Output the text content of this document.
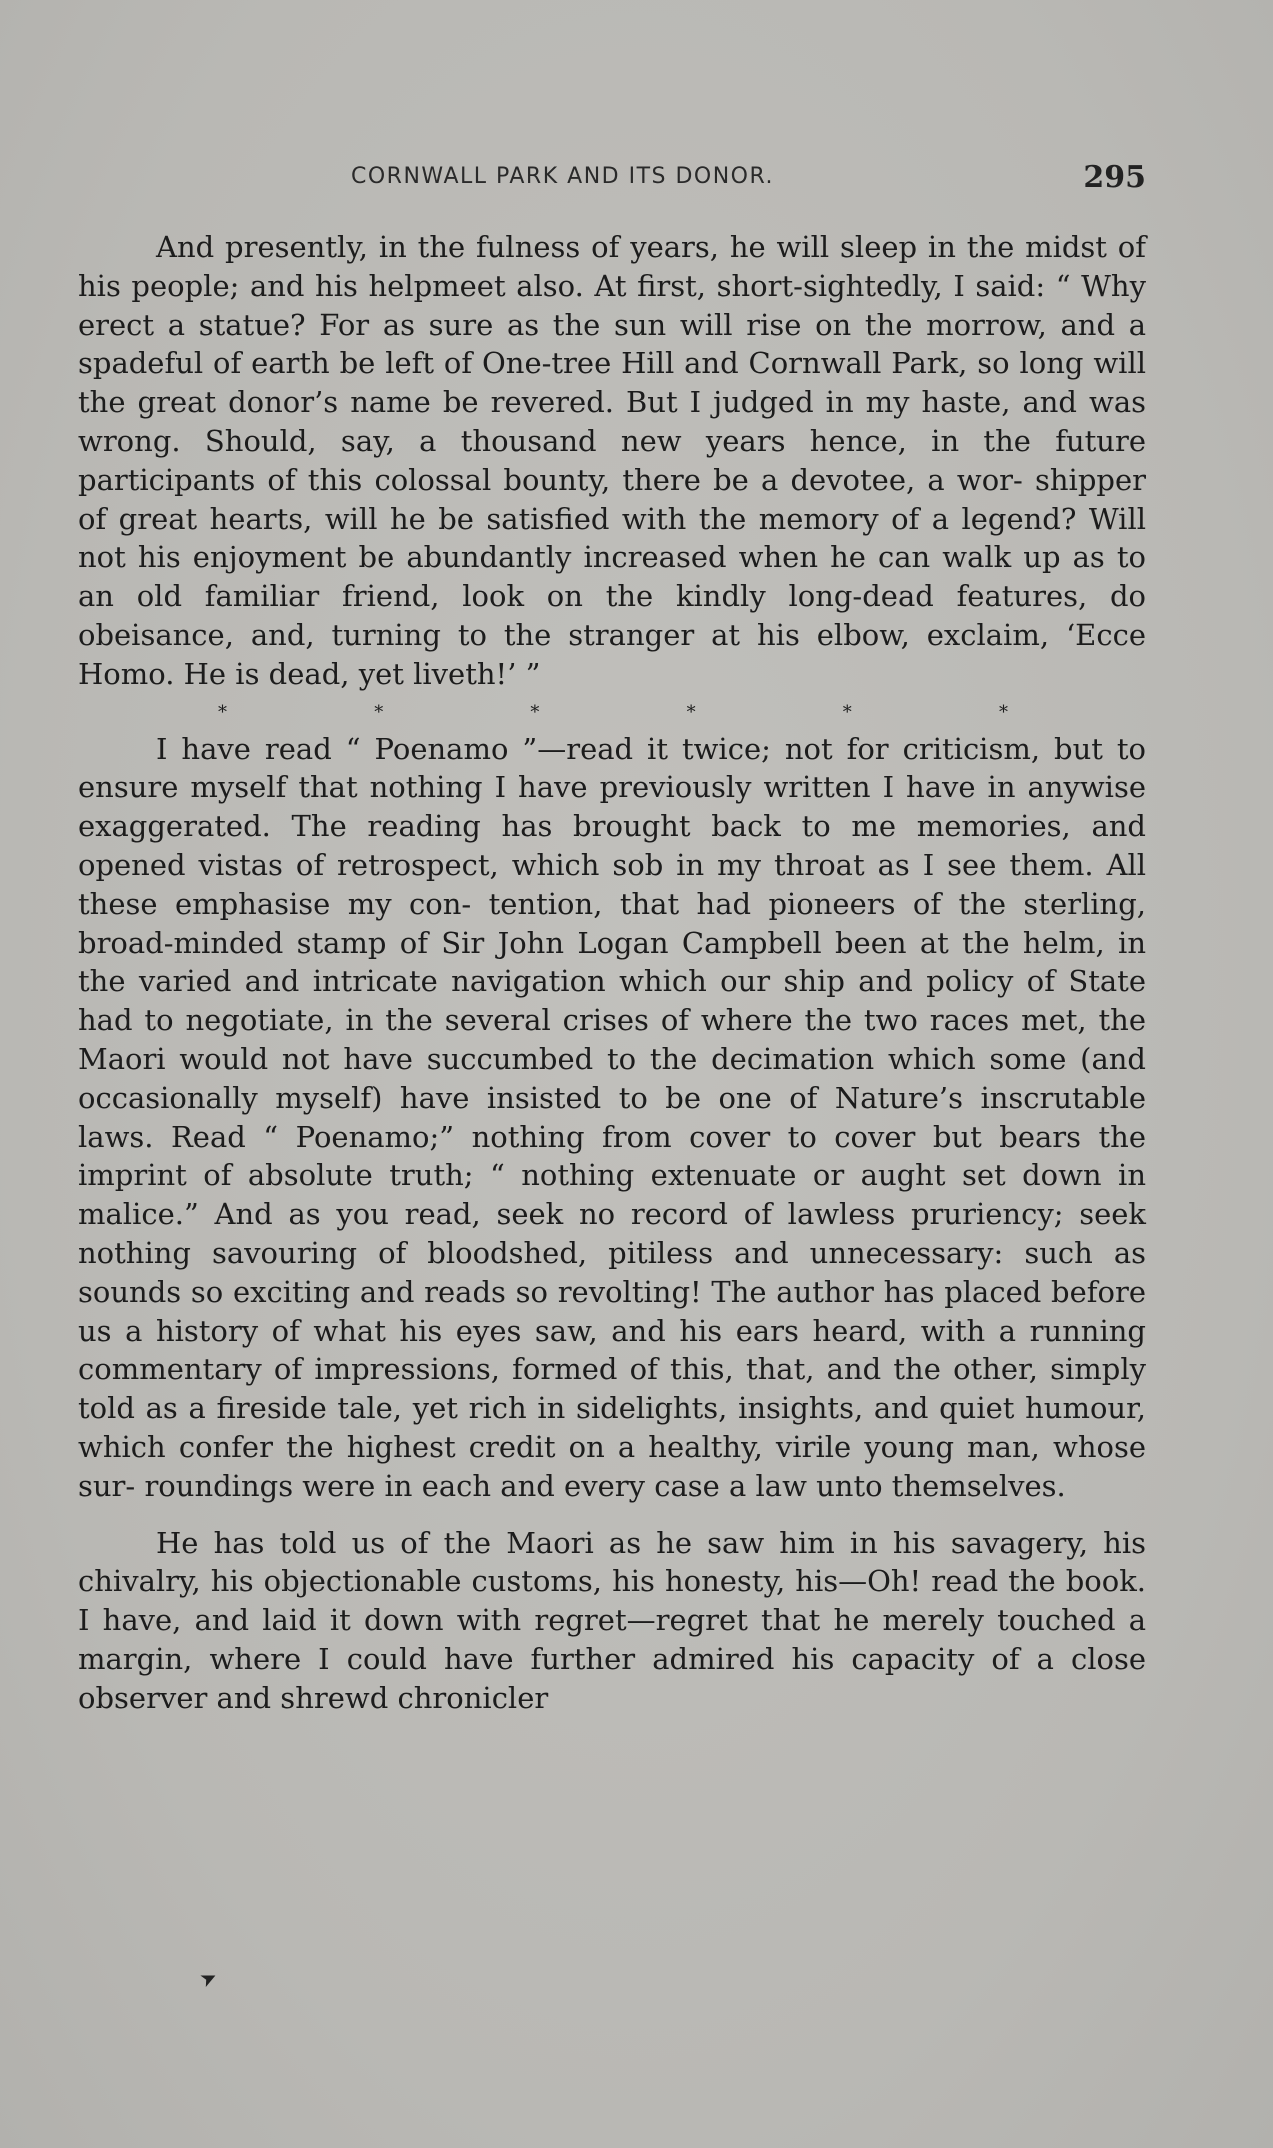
CORNWALL PARK AND ITS DONOR.	295

And presently, in the fulness of years, he will sleep in the midst of his people; and his helpmeet also. At first, short-sightedly, I said: “ Why erect a statue? For as sure as the sun will rise on the morrow, and a spadeful of earth be left of One-tree Hill and Cornwall Park, so long will the great donor’s name be revered. But I judged in my haste, and was wrong. Should, say, a thousand new years hence, in the future participants of this colossal bounty, there be a devotee, a wor- shipper of great hearts, will he be satisfied with the memory of a legend? Will not his enjoyment be abundantly increased when he can walk up as to an old familiar friend, look on the kindly long-dead features, do obeisance, and, turning to the stranger at his elbow, exclaim, ‘Ecce Homo. He is dead, yet liveth!’ ”

*	*	*	*	*	*

I have read “ Poenamo ”—read it twice; not for criticism, but to ensure myself that nothing I have previously written I have in anywise exaggerated. The reading has brought back to me memories, and opened vistas of retrospect, which sob in my throat as I see them. All these emphasise my con- tention, that had pioneers of the sterling, broad-minded stamp of Sir John Logan Campbell been at the helm, in the varied and intricate navigation which our ship and policy of State had to negotiate, in the several crises of where the two races met, the Maori would not have succumbed to the decimation which some (and occasionally myself) have insisted to be one of Nature’s inscrutable laws. Read “ Poenamo;” nothing from cover to cover but bears the imprint of absolute truth; “ nothing extenuate or aught set down in malice.” And as you read, seek no record of lawless pruriency; seek nothing savouring of bloodshed, pitiless and unnecessary: such as sounds so exciting and reads so revolting! The author has placed before us a history of what his eyes saw, and his ears heard, with a running commentary of impressions, formed of this, that, and the other, simply told as a fireside tale, yet rich in sidelights, insights, and quiet humour, which confer the highest credit on a healthy, virile young man, whose sur- roundings were in each and every case a law unto themselves.

He has told us of the Maori as he saw him in his savagery, his chivalry, his objectionable customs, his honesty, his—Oh! read the book. I have, and laid it down with regret—regret that he merely touched a margin, where I could have further admired his capacity of a close observer and shrewd chronicler

➤
